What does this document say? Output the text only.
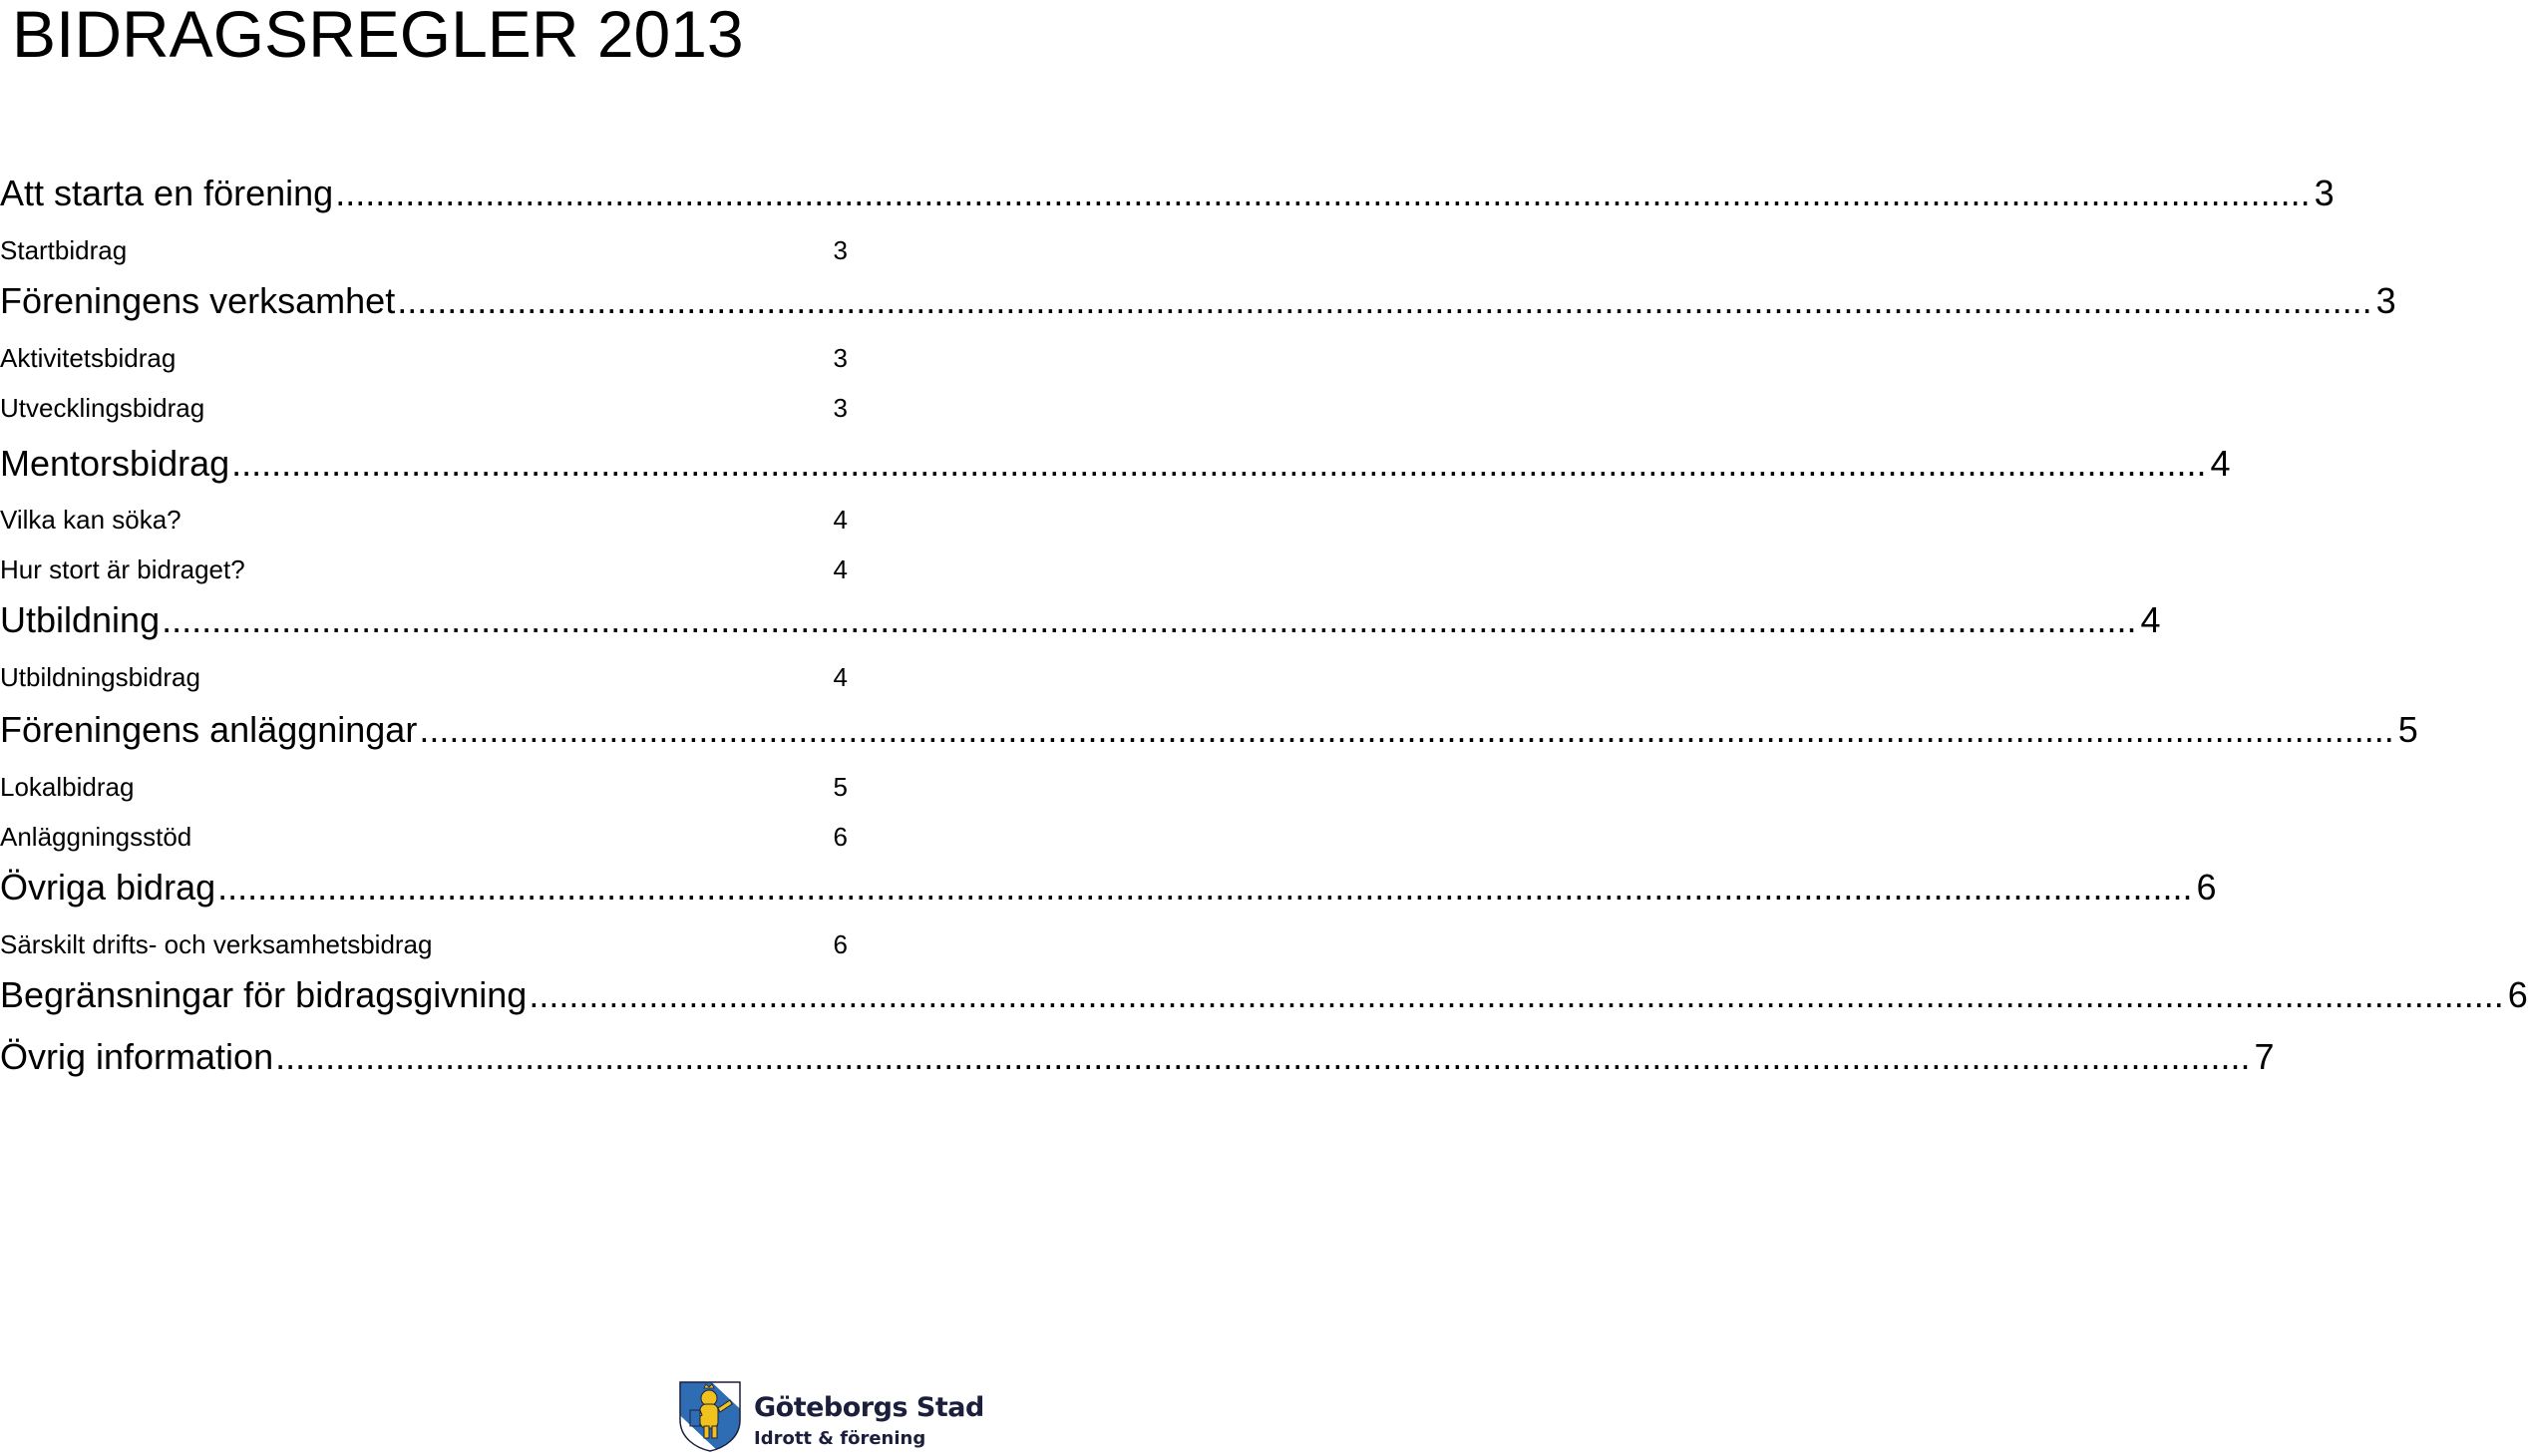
BIDRAGSREGLER 2013
Att starta en förening .....	3
Startbidrag	3
Föreningens verksamhet .....	3
Aktivitetsbidrag	3
Utvecklingsbidrag	3
Mentorsbidrag .....	4
Vilka kan söka?	4
Hur stort är bidraget?	4
Utbildning .....	4
Utbildningsbidrag	4
Föreningens anläggningar .....	5
Lokalbidrag	5
Anläggningsstöd	6
Övriga bidrag .....	6
Särskilt drifts- och verksamhetsbidrag	6
Begränsningar för bidragsgivning .....	6
Övrig information .....	7
Göteborgs Stad
Idrott & förening
